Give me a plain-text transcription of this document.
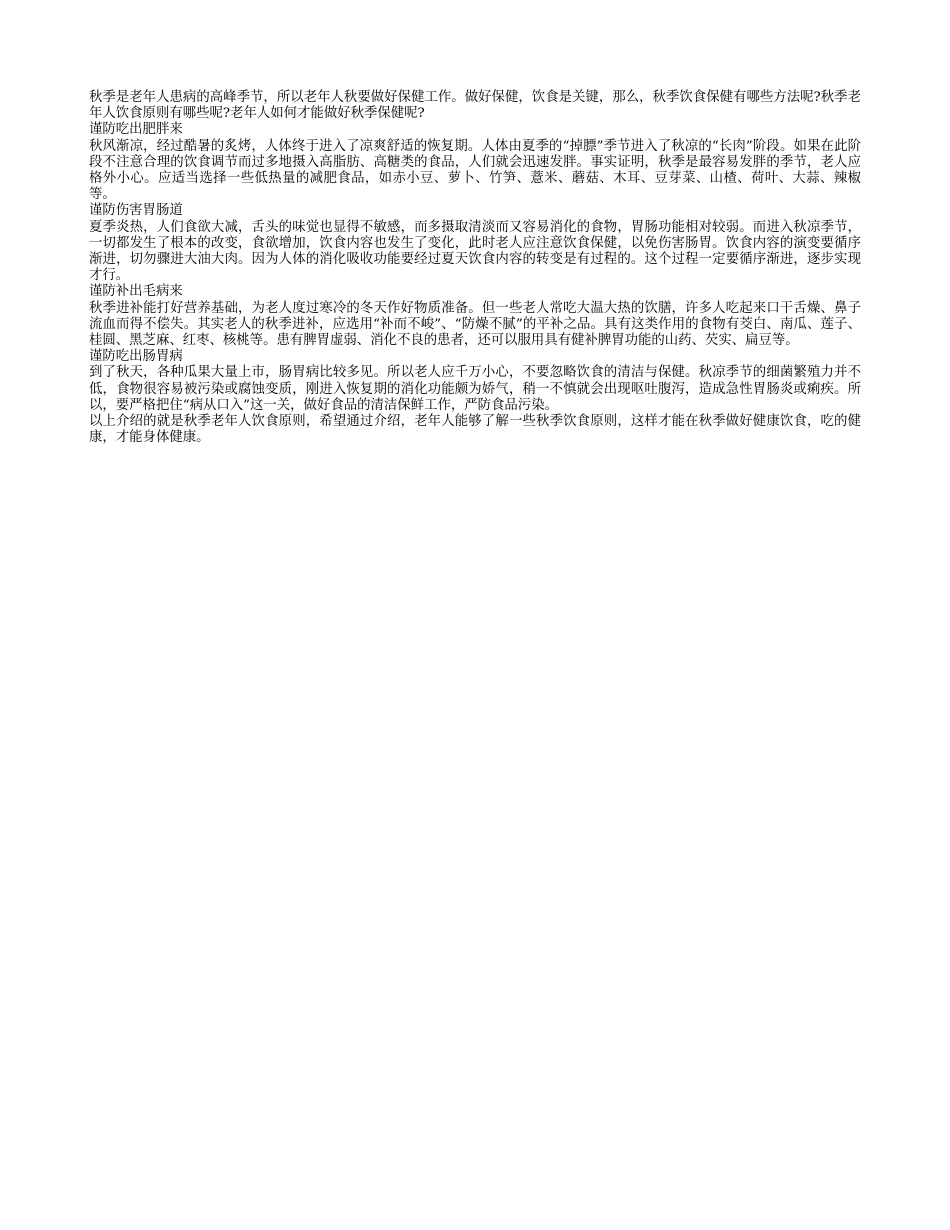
秋季是老年人患病的高峰季节，所以老年人秋要做好保健工作。做好保健，饮食是关键，那么，秋季饮食保健有哪些方法呢?秋季老年人饮食原则有哪些呢?老年人如何才能做好秋季保健呢?

谨防吃出肥胖来

秋风渐凉，经过酷暑的炙烤，人体终于进入了凉爽舒适的恢复期。人体由夏季的“掉膘”季节进入了秋凉的“长肉”阶段。如果在此阶段不注意合理的饮食调节而过多地摄入高脂肪、高糖类的食品，人们就会迅速发胖。事实证明，秋季是最容易发胖的季节，老人应格外小心。应适当选择一些低热量的减肥食品，如赤小豆、萝卜、竹笋、薏米、蘑菇、木耳、豆芽菜、山楂、荷叶、大蒜、辣椒等。

谨防伤害胃肠道

夏季炎热，人们食欲大减，舌头的味觉也显得不敏感，而多摄取清淡而又容易消化的食物，胃肠功能相对较弱。而进入秋凉季节，一切都发生了根本的改变，食欲增加，饮食内容也发生了变化，此时老人应注意饮食保健，以免伤害肠胃。饮食内容的演变要循序渐进，切勿骤进大油大肉。因为人体的消化吸收功能要经过夏天饮食内容的转变是有过程的。这个过程一定要循序渐进，逐步实现才行。

谨防补出毛病来

秋季进补能打好营养基础，为老人度过寒冷的冬天作好物质准备。但一些老人常吃大温大热的饮膳，许多人吃起来口干舌燥、鼻子流血而得不偿失。其实老人的秋季进补，应选用“补而不峻”、“防燥不腻”的平补之品。具有这类作用的食物有茭白、南瓜、莲子、桂圆、黑芝麻、红枣、核桃等。患有脾胃虚弱、消化不良的患者，还可以服用具有健补脾胃功能的山药、芡实、扁豆等。

谨防吃出肠胃病

到了秋天，各种瓜果大量上市，肠胃病比较多见。所以老人应千万小心，不要忽略饮食的清洁与保健。秋凉季节的细菌繁殖力并不低，食物很容易被污染或腐蚀变质，刚进入恢复期的消化功能颇为娇气，稍一不慎就会出现呕吐腹泻，造成急性胃肠炎或痢疾。所以，要严格把住“病从口入”这一关，做好食品的清洁保鲜工作，严防食品污染。

以上介绍的就是秋季老年人饮食原则，希望通过介绍，老年人能够了解一些秋季饮食原则，这样才能在秋季做好健康饮食，吃的健康，才能身体健康。
